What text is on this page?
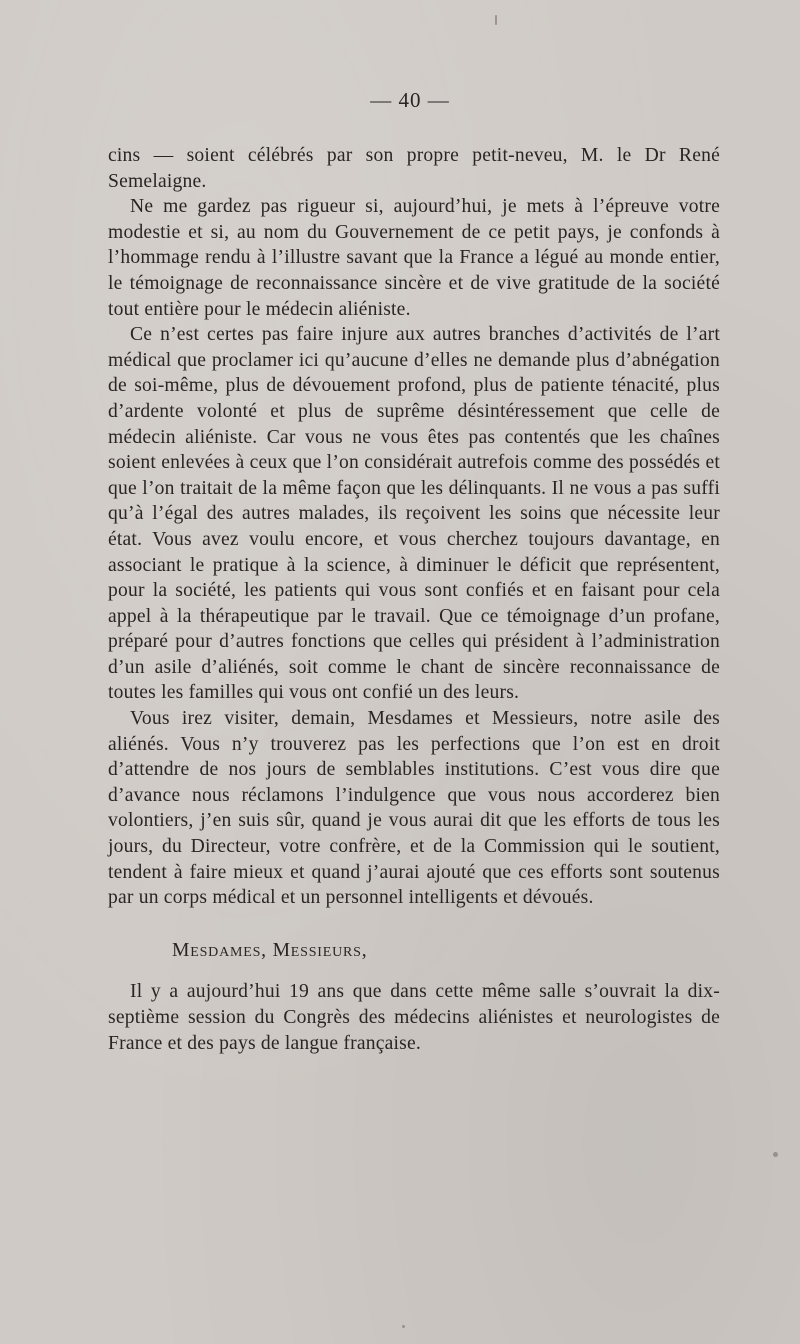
— 40 —

cins — soient célébrés par son propre petit-neveu, M. le Dr René Semelaigne.

Ne me gardez pas rigueur si, aujourd’hui, je mets à l’épreuve votre modestie et si, au nom du Gouvernement de ce petit pays, je confonds à l’hommage rendu à l’illustre savant que la France a légué au monde entier, le témoignage de reconnaissance sincère et de vive gratitude de la société tout entière pour le médecin aliéniste.

Ce n’est certes pas faire injure aux autres branches d’activités de l’art médical que proclamer ici qu’aucune d’elles ne demande plus d’abnégation de soi-même, plus de dévouement profond, plus de patiente ténacité, plus d’ardente volonté et plus de suprême désintéressement que celle de médecin aliéniste. Car vous ne vous êtes pas contentés que les chaînes soient enlevées à ceux que l’on considérait autrefois comme des possédés et que l’on traitait de la même façon que les délinquants. Il ne vous a pas suffi qu’à l’égal des autres malades, ils reçoivent les soins que nécessite leur état. Vous avez voulu encore, et vous cherchez toujours davantage, en associant le pratique à la science, à diminuer le déficit que représentent, pour la société, les patients qui vous sont confiés et en faisant pour cela appel à la thérapeutique par le travail. Que ce témoignage d’un profane, préparé pour d’autres fonctions que celles qui président à l’administration d’un asile d’aliénés, soit comme le chant de sincère reconnaissance de toutes les familles qui vous ont confié un des leurs.

Vous irez visiter, demain, Mesdames et Messieurs, notre asile des aliénés. Vous n’y trouverez pas les perfections que l’on est en droit d’attendre de nos jours de semblables institutions. C’est vous dire que d’avance nous réclamons l’indulgence que vous nous accorderez bien volontiers, j’en suis sûr, quand je vous aurai dit que les efforts de tous les jours, du Directeur, votre confrère, et de la Commission qui le soutient, tendent à faire mieux et quand j’aurai ajouté que ces efforts sont soutenus par un corps médical et un personnel intelligents et dévoués.

Mesdames, Messieurs,

Il y a aujourd’hui 19 ans que dans cette même salle s’ouvrait la dix-septième session du Congrès des médecins aliénistes et neurologistes de France et des pays de langue française.
